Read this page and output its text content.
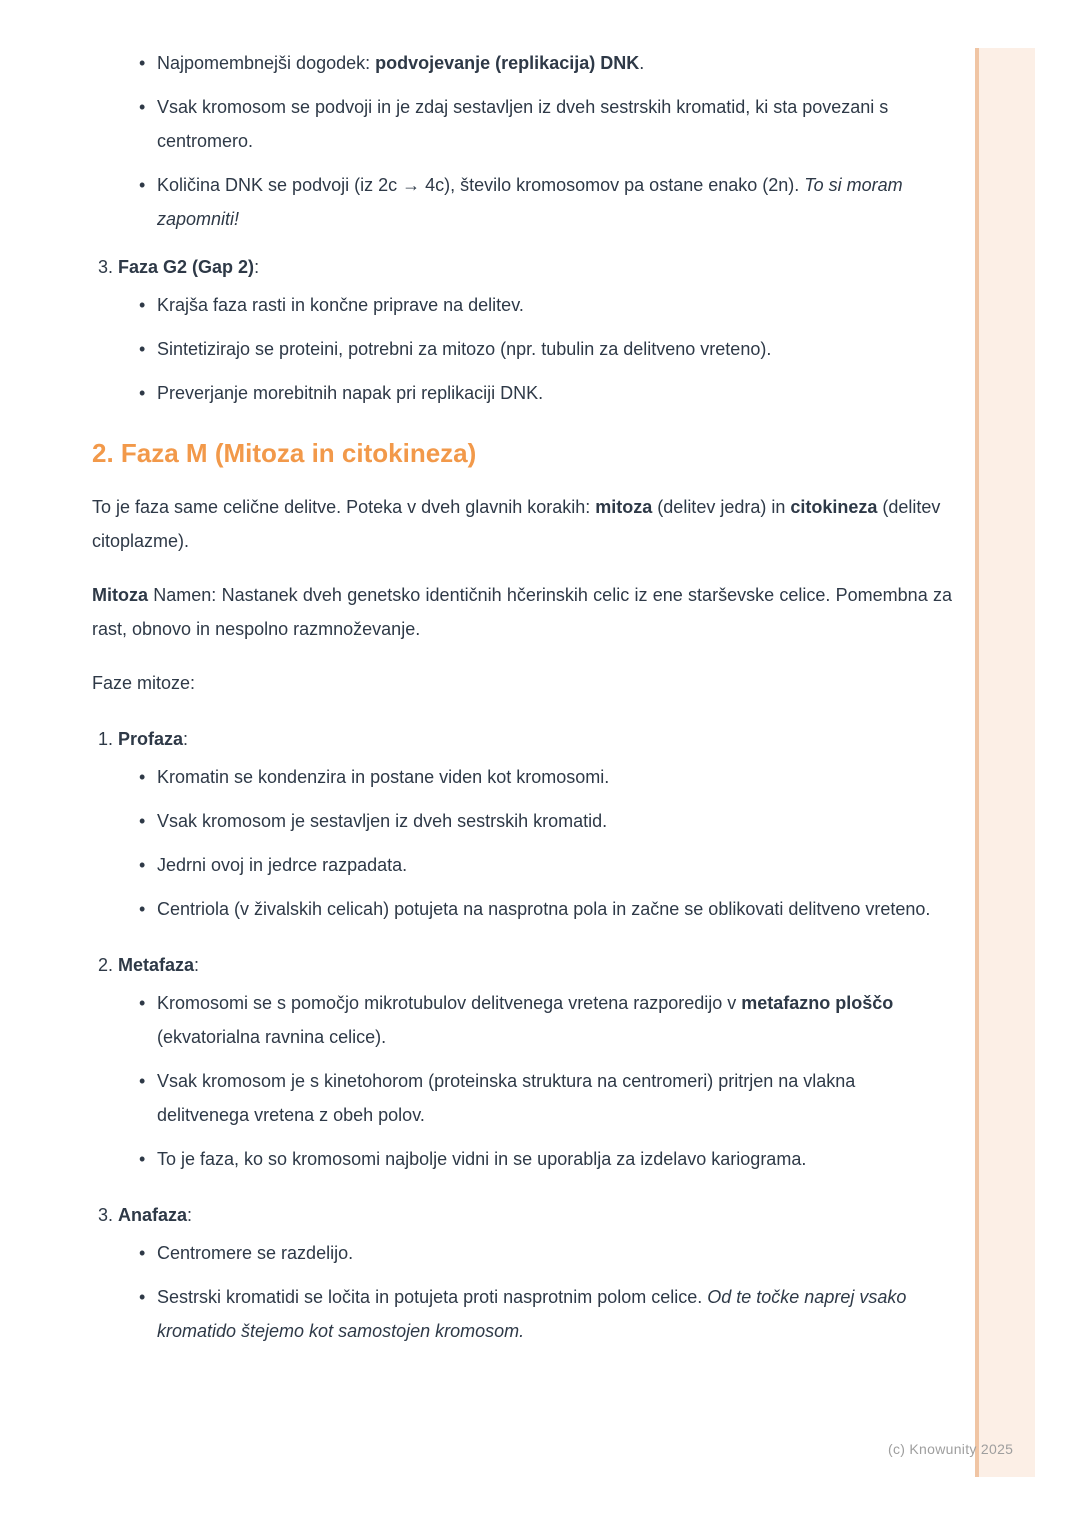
• Najpomembnejši dogodek: podvojevanje (replikacija) DNK.
• Vsak kromosom se podvoji in je zdaj sestavljen iz dveh sestrskih kromatid, ki sta povezani s centromero.
• Količina DNK se podvoji (iz 2c → 4c), število kromosomov pa ostane enako (2n). To si moram zapomniti!
3. Faza G2 (Gap 2):
• Krajša faza rasti in končne priprave na delitev.
• Sintetizirajo se proteini, potrebni za mitozo (npr. tubulin za delitveno vreteno).
• Preverjanje morebitnih napak pri replikaciji DNK.
2. Faza M (Mitoza in citokineza)

To je faza same celične delitve. Poteka v dveh glavnih korakih: mitoza (delitev jedra) in citokineza (delitev citoplazme).

Mitoza Namen: Nastanek dveh genetsko identičnih hčerinskih celic iz ene starševske celice. Pomembna za rast, obnovo in nespolno razmnoževanje.

Faze mitoze:

1. Profaza:
• Kromatin se kondenzira in postane viden kot kromosomi.
• Vsak kromosom je sestavljen iz dveh sestrskih kromatid.
• Jedrni ovoj in jedrce razpadata.
• Centriola (v živalskih celicah) potujeta na nasprotna pola in začne se oblikovati delitveno vreteno.
2. Metafaza:
• Kromosomi se s pomočjo mikrotubulov delitvenega vretena razporedijo v metafazno ploščo (ekvatorialna ravnina celice).
• Vsak kromosom je s kinetohorom (proteinska struktura na centromeri) pritrjen na vlakna delitvenega vretena z obeh polov.
• To je faza, ko so kromosomi najbolje vidni in se uporablja za izdelavo kariograma.
3. Anafaza:
• Centromere se razdelijo.
• Sestrski kromatidi se ločita in potujeta proti nasprotnim polom celice. Od te točke naprej vsako kromatido štejemo kot samostojen kromosom.
(c) Knowunity 2025
